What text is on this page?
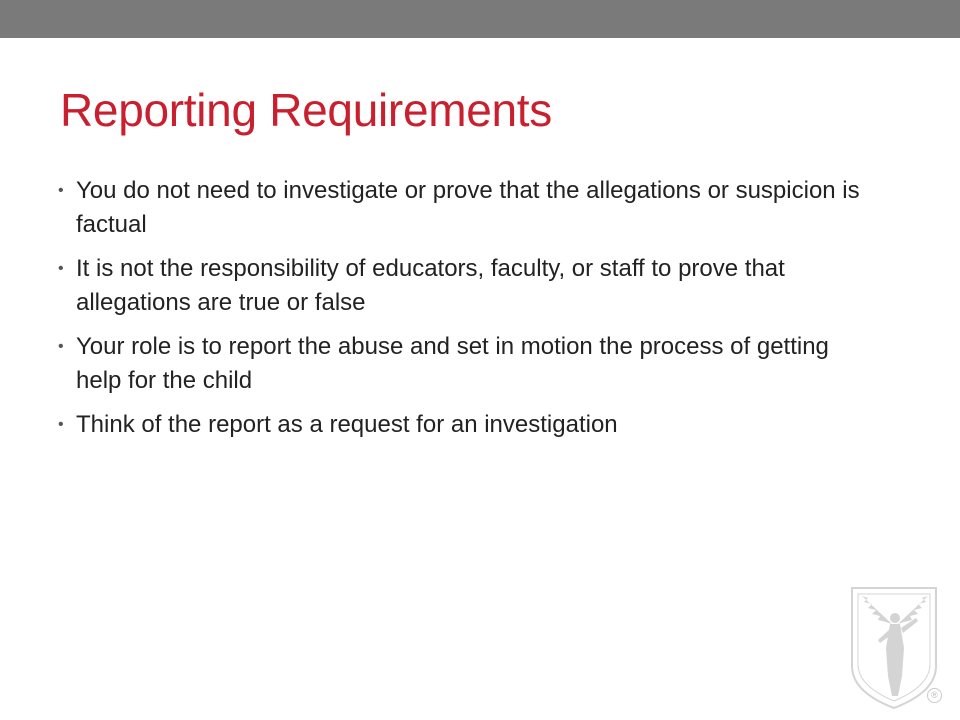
Reporting Requirements
• You do not need to investigate or prove that the allegations or suspicion is factual
• It is not the responsibility of educators, faculty, or staff to prove that allegations are true or false
• Your role is to report the abuse and set in motion the process of getting help for the child
• Think of the report as a request for an investigation
®
